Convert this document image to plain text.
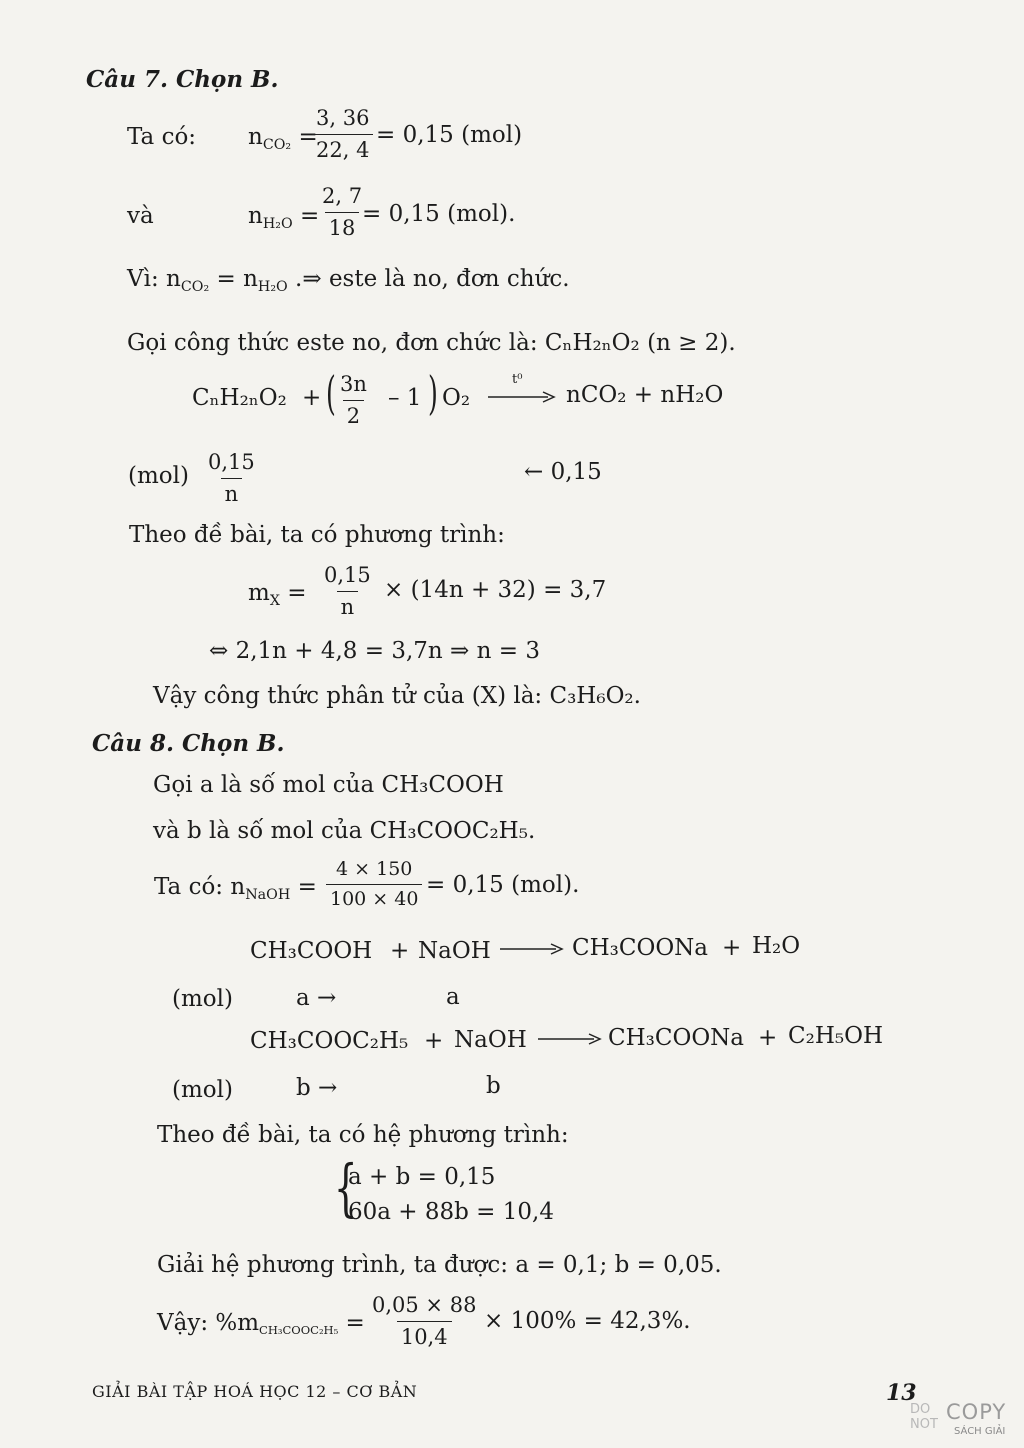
Câu 7. Chọn B.
Ta có: $n_{CO_2}$ =
$\frac{3, 36}{22, 4} = 0,15$ (mol)
và	$n_{H_2O}$ =
$\frac{2, 7}{18}$
= 0,15 (mol).
Vì: $n_{CO_2} = n_{H_2O}$ .⇒ este là no, đơn chức.
Gọi công thức este no, đơn chức là: CₙH₂ₙO₂ (n ≥ 2).
CₙH₂ₙO₂ + ( $\frac{3n}{2} - 1$ ) O₂
t⁰
nCO₂ + nH₂O
$(mol) \frac{0,15}{n}$	← 0,15
Theo đề bài, ta có phương trình:
$m_X = \frac{0,15}{n} \times (14n + 32) = 3,7$
⇔ 2,1n + 4,8 = 3,7n ⇒ n = 3
Vậy công thức phân tử của (X) là: C₃H₆O₂.
Câu 8. Chọn B.
Gọi a là số mol của CH₃COOH
và b là số mol của CH₃COOC₂H₅.
Ta có: $n_{NaOH} = \frac{4 \times 150}{100 \times 40} = 0,15$ (mol).
CH₃COOH + NaOH → CH₃COONa + H₂O
(mol)	a →	a
CH₃COOC₂H₅ + NaOH → CH₃COONa + C₂H₅OH
(mol)	b →	b
Theo đề bài, ta có hệ phương trình:
{
a + b = 0,15
60a + 88b = 10,4
Giải hệ phương trình, ta được: a = 0,1; b = 0,05.
Vậy: $\%m_{CH_3COOC_2H_5} = \frac{0,05 \times 88}{10,4} \times 100\% = 42,3\%$.
GIẢI BÀI TẬP HOÁ HỌC 12 – CƠ BẢN	13
DO
NOT
COPY
SÁCH GIẢI
